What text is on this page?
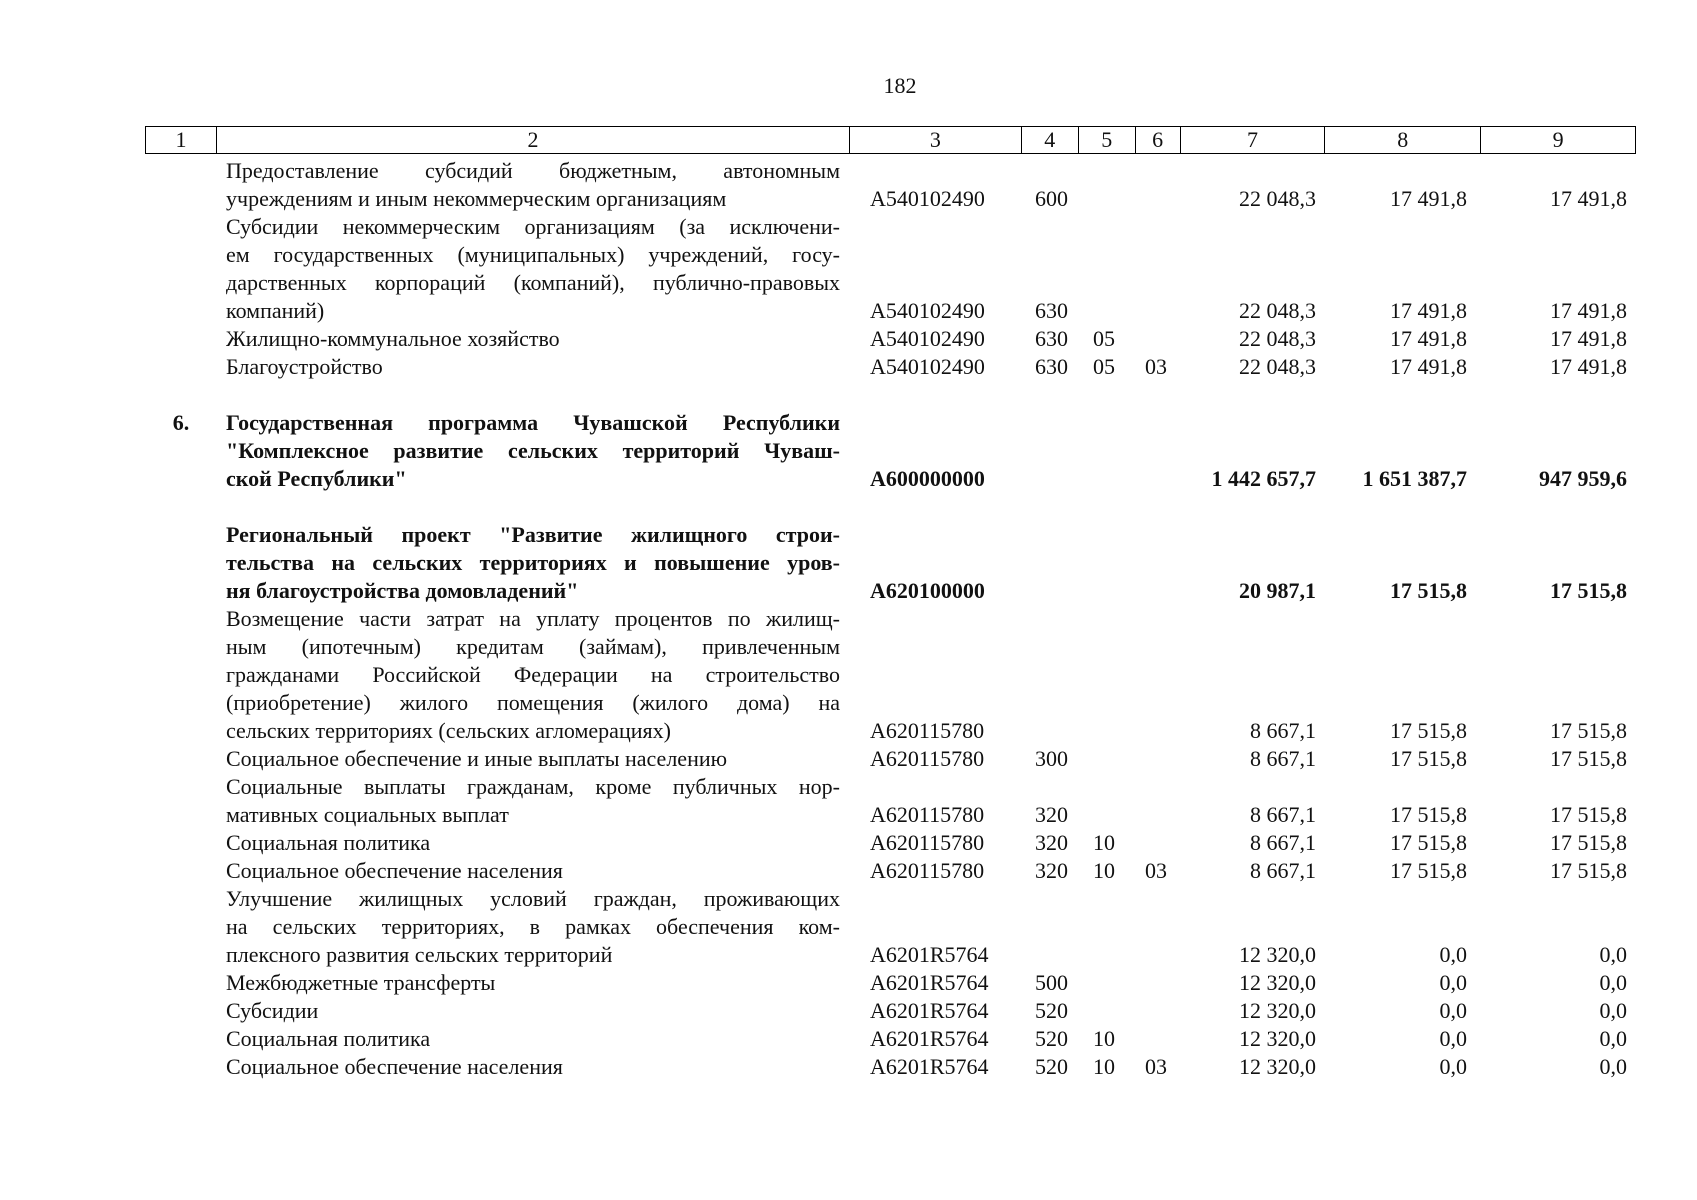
182
1	2	3	4	5	6	7	8	9
Предоставление субсидий бюджетным, автономным
учреждениям и иным некоммерческим организациям	А540102490 600	22 048,3	17 491,8	17 491,8
Субсидии некоммерческим организациям (за исключени-
ем государственных (муниципальных) учреждений, госу-
дарственных корпораций (компаний), публично-правовых
компаний)	А540102490 630	22 048,3	17 491,8	17 491,8
Жилищно-коммунальное хозяйство	А540102490 630 05	22 048,3	17 491,8	17 491,8
Благоустройство	А540102490 630 05 03	22 048,3	17 491,8	17 491,8
6.	Государственная программа Чувашской Республики
"Комплексное развитие сельских территорий Чуваш-
ской Республики"	А600000000	1 442 657,7	1 651 387,7	947 959,6
Региональный проект "Развитие жилищного строи-
тельства на сельских территориях и повышение уров-
ня благоустройства домовладений"	А620100000	20 987,1	17 515,8	17 515,8
Возмещение части затрат на уплату процентов по жилищ-
ным (ипотечным) кредитам (займам), привлеченным
гражданами Российской Федерации на строительство
(приобретение) жилого помещения (жилого дома) на
сельских территориях (сельских агломерациях)	А620115780	8 667,1	17 515,8	17 515,8
Социальное обеспечение и иные выплаты населению	А620115780 300	8 667,1	17 515,8	17 515,8
Социальные выплаты гражданам, кроме публичных нор-
мативных социальных выплат	А620115780 320	8 667,1	17 515,8	17 515,8
Социальная политика	А620115780 320 10	8 667,1	17 515,8	17 515,8
Социальное обеспечение населения	А620115780 320 10 03	8 667,1	17 515,8	17 515,8
Улучшение жилищных условий граждан, проживающих
на сельских территориях, в рамках обеспечения ком-
плексного развития сельских территорий	А6201R5764	12 320,0	0,0	0,0
Межбюджетные трансферты	А6201R5764 500	12 320,0	0,0	0,0
Субсидии	А6201R5764 520	12 320,0	0,0	0,0
Социальная политика	А6201R5764 520 10	12 320,0	0,0	0,0
Социальное обеспечение населения	А6201R5764 520 10 03	12 320,0	0,0	0,0
